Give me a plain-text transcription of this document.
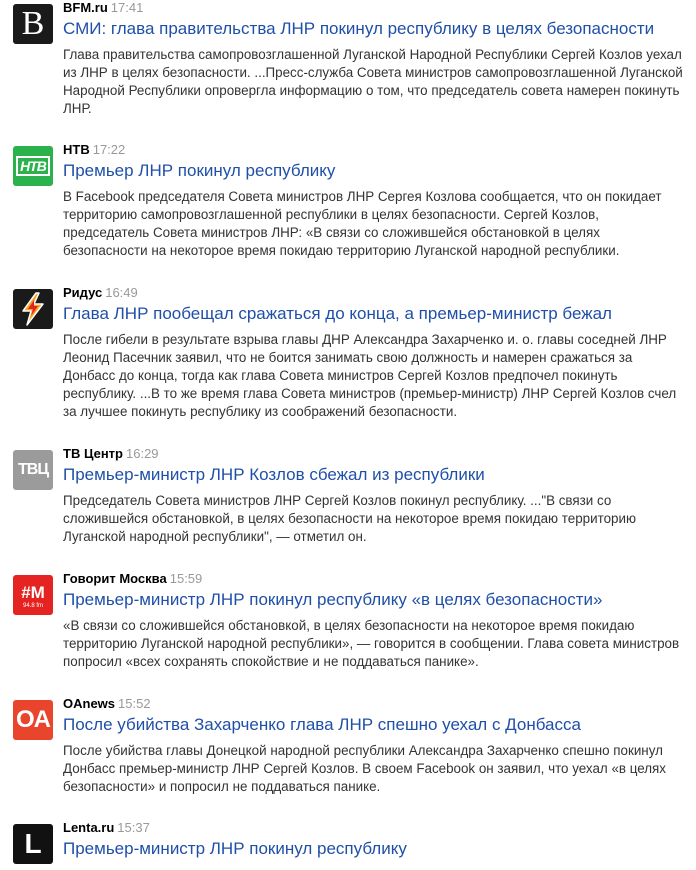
B BFM.ru 17:41
СМИ: глава правительства ЛНР покинул республику в целях безопасности
Глава правительства самопровозглашенной Луганской Народной Республики Сергей Козлов уехал из ЛНР в целях безопасности. ...Пресс-служба Совета министров самопровозглашенной Луганской Народной Республики опровергла информацию о том, что председатель совета намерен покинуть ЛНР.
НТВ
НТВ 17:22
Премьер ЛНР покинул республику
В Facebook председателя Совета министров ЛНР Сергея Козлова сообщается, что он покидает территорию самопровозглашенной республики в целях безопасности. Сергей Козлов, председатель Совета министров ЛНР: «В связи со сложившейся обстановкой в целях безопасности на некоторое время покидаю территорию Луганской народной республики.
Ридус 16:49
Глава ЛНР пообещал сражаться до конца, а премьер-министр бежал
После гибели в результате взрыва главы ДНР Александра Захарченко и. о. главы соседней ЛНР Леонид Пасечник заявил, что не боится занимать свою должность и намерен сражаться за Донбасс до конца, тогда как глава Совета министров Сергей Козлов предпочел покинуть республику. ...В то же время глава Совета министров (премьер-министр) ЛНР Сергей Козлов счел за лучшее покинуть республику из соображений безопасности.
ТВЦ
ТВ Центр 16:29
Премьер-министр ЛНР Козлов сбежал из республики
Председатель Совета министров ЛНР Сергей Козлов покинул республику. ..."В связи со сложившейся обстановкой, в целях безопасности на некоторое время покидаю территорию Луганской народной республики", — отметил он.
#M
94.8 fm
Говорит Москва 15:59
Премьер-министр ЛНР покинул республику «в целях безопасности»
«В связи со сложившейся обстановкой, в целях безопасности на некоторое время покидаю территорию Луганской народной республики», — говорится в сообщении. Глава совета министров попросил «всех сохранять спокойствие и не поддаваться панике».
OA
OAnews 15:52
После убийства Захарченко глава ЛНР спешно уехал с Донбасса
После убийства главы Донецкой народной республики Александра Захарченко спешно покинул Донбасс премьер-министр ЛНР Сергей Козлов. В своем Facebook он заявил, что уехал «в целях безопасности» и попросил не поддаваться панике.
L
Lenta.ru 15:37
Премьер-министр ЛНР покинул республику
